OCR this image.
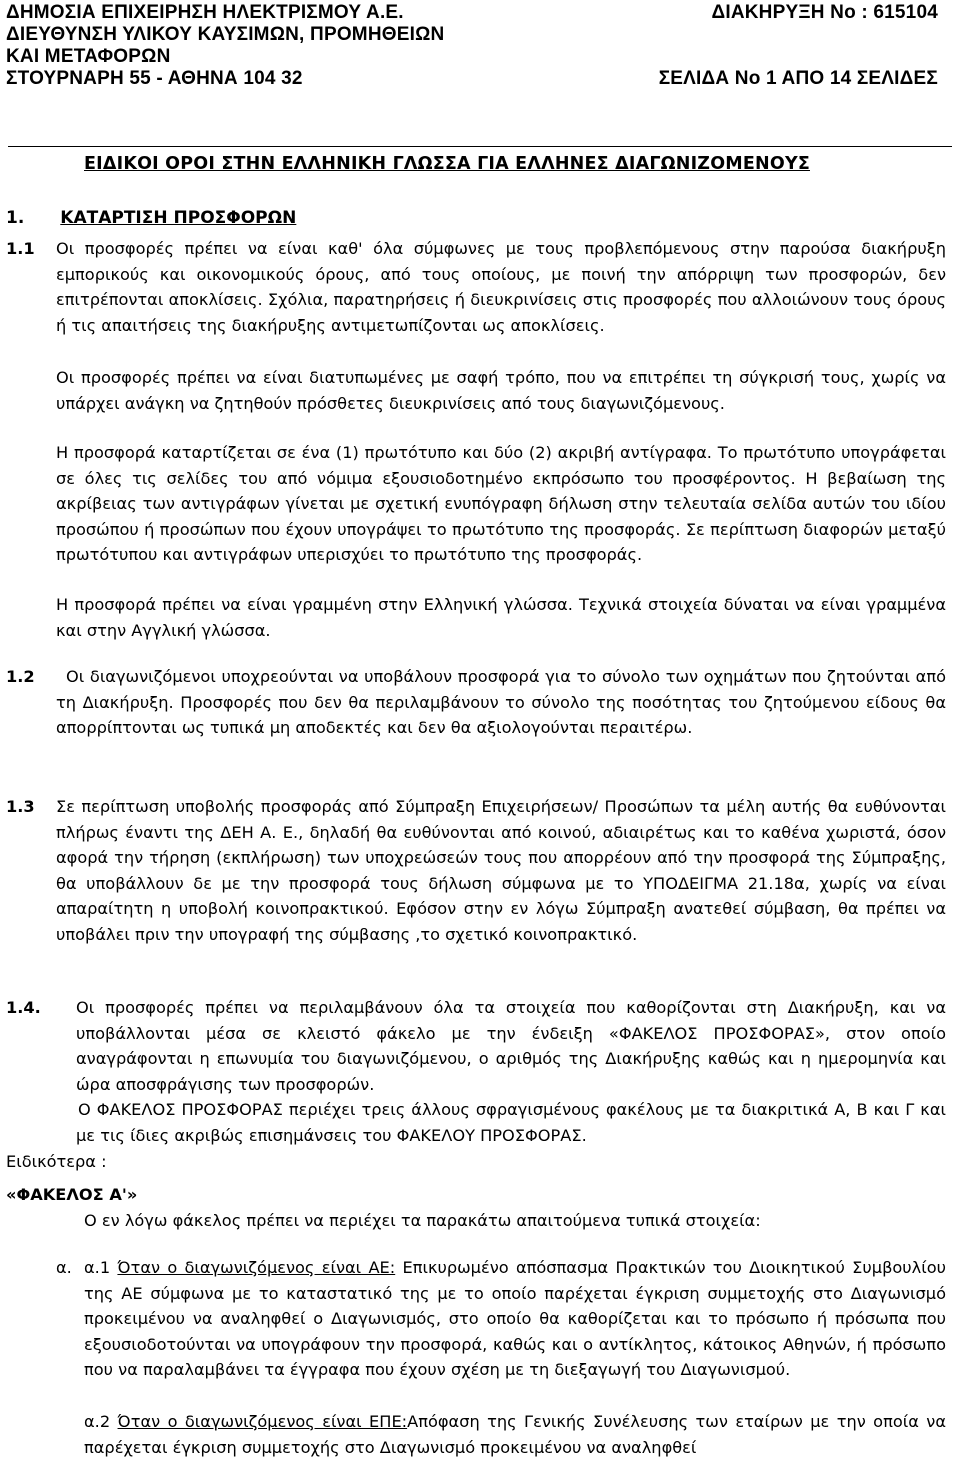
ΔΗΜΟΣΙΑ ΕΠΙΧΕΙΡΗΣΗ ΗΛΕΚΤΡΙΣΜΟΥ Α.Ε.
ΔΙΕΥΘΥΝΣΗ ΥΛΙΚΟΥ ΚΑΥΣΙΜΩΝ, ΠΡΟΜΗΘΕΙΩΝ
ΚΑΙ ΜΕΤΑΦΟΡΩΝ
ΣΤΟΥΡΝΑΡΗ 55 - ΑΘΗΝΑ 104 32
ΔΙΑΚΗΡΥΞΗ Νο : 615104
ΣΕΛΙΔΑ Νο 1 ΑΠΟ 14 ΣΕΛΙΔΕΣ
ΕΙΔΙΚΟΙ ΟΡΟΙ ΣΤΗΝ ΕΛΛΗΝΙΚΗ ΓΛΩΣΣΑ ΓΙΑ ΕΛΛΗΝΕΣ ΔΙΑΓΩΝΙΖΟΜΕΝΟΥΣ
1. ΚΑΤΑΡΤΙΣΗ ΠΡΟΣΦΟΡΩΝ
1.1 Οι προσφορές πρέπει να είναι καθ' όλα σύμφωνες με τους προβλεπόμενους στην παρούσα διακήρυξη εμπορικούς και οικονομικούς όρους, από τους οποίους, με ποινή την απόρριψη των προσφορών, δεν επιτρέπονται αποκλίσεις. Σχόλια, παρατηρήσεις ή διευκρινίσεις στις προσφορές που αλλοιώνουν τους όρους ή τις απαιτήσεις της διακήρυξης αντιμετωπίζονται ως αποκλίσεις.
Οι προσφορές πρέπει να είναι διατυπωμένες με σαφή τρόπο, που να επιτρέπει τη σύγκρισή τους, χωρίς να υπάρχει ανάγκη να ζητηθούν πρόσθετες διευκρινίσεις από τους διαγωνιζόμενους.
Η προσφορά καταρτίζεται σε ένα (1) πρωτότυπο και δύο (2) ακριβή αντίγραφα. Το πρωτότυπο υπογράφεται σε όλες τις σελίδες του από νόμιμα εξουσιοδοτημένο εκπρόσωπο του προσφέροντος. Η βεβαίωση της ακρίβειας των αντιγράφων γίνεται με σχετική ενυπόγραφη δήλωση στην τελευταία σελίδα αυτών του ιδίου προσώπου ή προσώπων που έχουν υπογράψει το πρωτότυπο της προσφοράς. Σε περίπτωση διαφορών μεταξύ πρωτότυπου και αντιγράφων υπερισχύει το πρωτότυπο της προσφοράς.
Η προσφορά πρέπει να είναι γραμμένη στην Ελληνική γλώσσα. Τεχνικά στοιχεία δύναται να είναι γραμμένα και στην Αγγλική γλώσσα.
1.2	Οι διαγωνιζόμενοι υποχρεούνται να υποβάλουν προσφορά για το σύνολο των οχημάτων που ζητούνται από τη Διακήρυξη. Προσφορές που δεν θα περιλαμβάνουν το σύνολο της ποσότητας του ζητούμενου είδους θα απορρίπτονται ως τυπικά μη αποδεκτές και δεν θα αξιολογούνται περαιτέρω.
1.3 Σε περίπτωση υποβολής προσφοράς από Σύμπραξη Επιχειρήσεων/ Προσώπων τα μέλη αυτής θα ευθύνονται πλήρως έναντι της ΔΕΗ Α. Ε., δηλαδή θα ευθύνονται από κοινού, αδιαιρέτως και το καθένα χωριστά, όσον αφορά την τήρηση (εκπλήρωση) των υποχρεώσεών τους που απορρέουν από την προσφορά της Σύμπραξης, θα υποβάλλουν δε με την προσφορά τους δήλωση σύμφωνα με το ΥΠΟΔΕΙΓΜΑ 21.18α, χωρίς να είναι απαραίτητη η υποβολή κοινοπρακτικού. Εφόσον στην εν λόγω Σύμπραξη ανατεθεί σύμβαση, θα πρέπει να υποβάλει πριν την υπογραφή της σύμβασης ,το σχετικό κοινοπρακτικό.
1.4. Οι προσφορές πρέπει να περιλαμβάνουν όλα τα στοιχεία που καθορίζονται στη Διακήρυξη, και να υποβάλλονται μέσα σε κλειστό φάκελο με την ένδειξη «ΦΑΚΕΛΟΣ ΠΡΟΣΦΟΡΑΣ», στον οποίο αναγράφονται η επωνυμία του διαγωνιζόμενου, ο αριθμός της Διακήρυξης καθώς και η ημερομηνία και ώρα αποσφράγισης των προσφορών.
Ο ΦΑΚΕΛΟΣ ΠΡΟΣΦΟΡΑΣ περιέχει τρεις άλλους σφραγισμένους φακέλους με τα διακριτικά Α, Β και Γ και με τις ίδιες ακριβώς επισημάνσεις του ΦΑΚΕΛΟΥ ΠΡΟΣΦΟΡΑΣ.
Ειδικότερα :
«ΦΑΚΕΛΟΣ Α'»
Ο εν λόγω φάκελος πρέπει να περιέχει τα παρακάτω απαιτούμενα τυπικά στοιχεία:
α. α.1 Όταν ο διαγωνιζόμενος είναι ΑΕ: Επικυρωμένο απόσπασμα Πρακτικών του Διοικητικού Συμβουλίου της ΑΕ σύμφωνα με το καταστατικό της με το οποίο παρέχεται έγκριση συμμετοχής στο Διαγωνισμό προκειμένου να αναληφθεί ο Διαγωνισμός, στο οποίο θα καθορίζεται και το πρόσωπο ή πρόσωπα που εξουσιοδοτούνται να υπογράφουν την προσφορά, καθώς και ο αντίκλητος, κάτοικος Αθηνών, ή πρόσωπο που να παραλαμβάνει τα έγγραφα που έχουν σχέση με τη διεξαγωγή του Διαγωνισμού.
α.2 Όταν ο διαγωνιζόμενος είναι ΕΠΕ:Απόφαση της Γενικής Συνέλευσης των εταίρων με την οποία να παρέχεται έγκριση συμμετοχής στο Διαγωνισμό προκειμένου να αναληφθεί
